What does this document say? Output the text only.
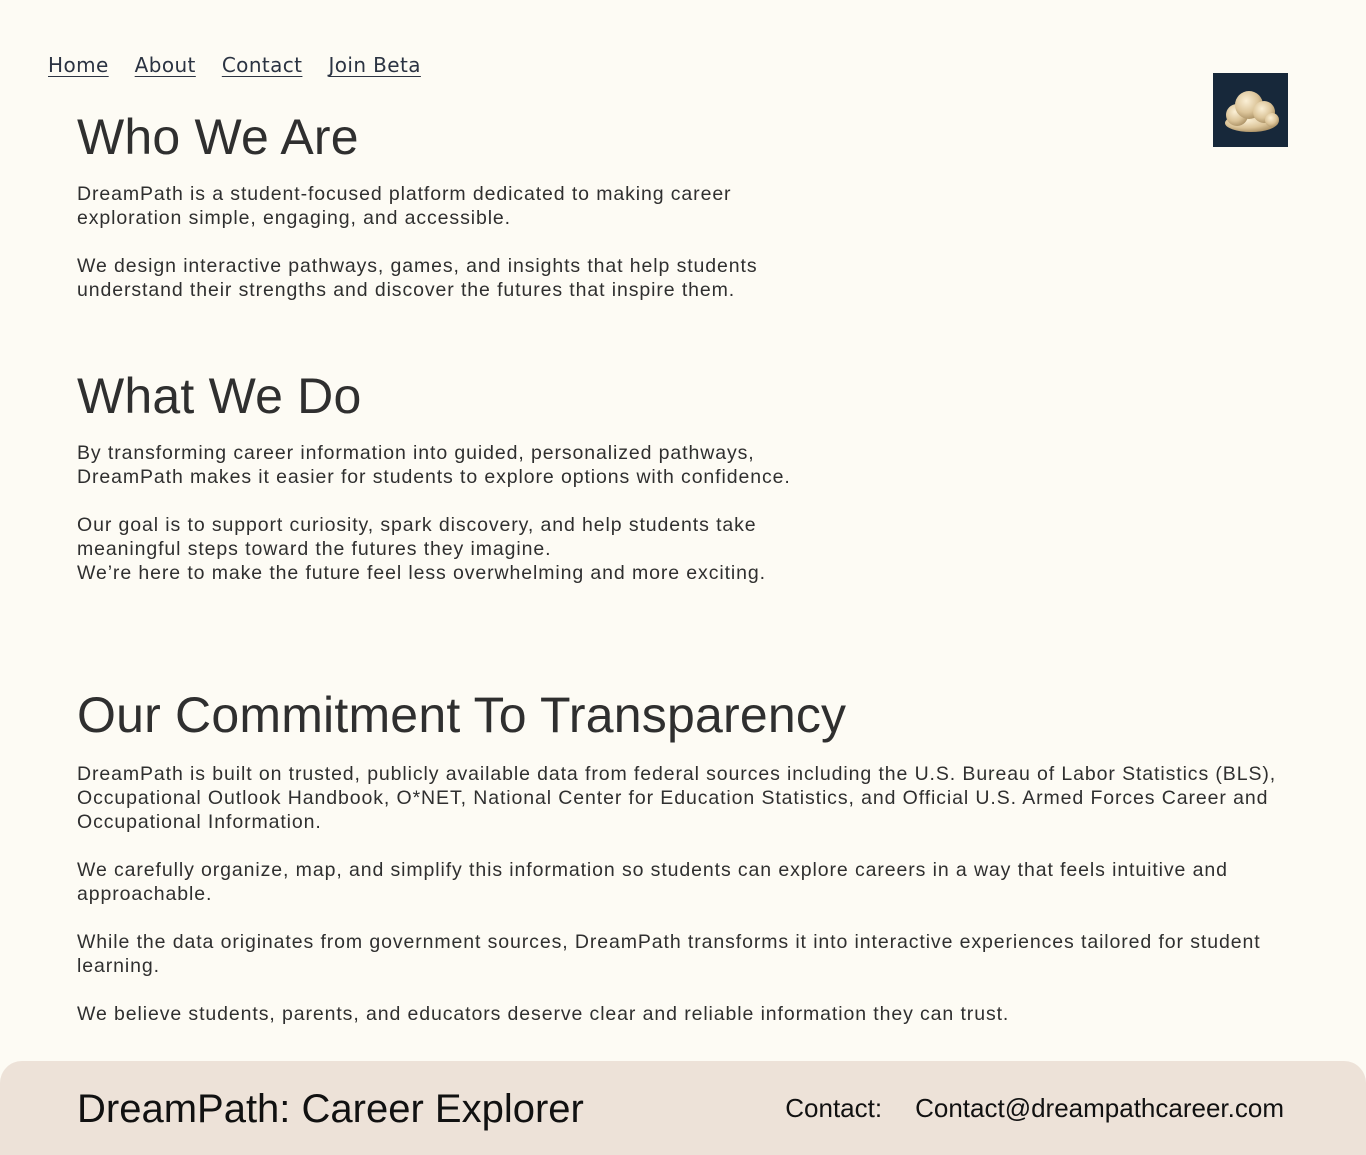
Home About Contact Join Beta
Who We Are

DreamPath is a student-focused platform dedicated to making career exploration simple, engaging, and accessible.

We design interactive pathways, games, and insights that help students understand their strengths and discover the futures that inspire them.

What We Do

By transforming career information into guided, personalized pathways, DreamPath makes it easier for students to explore options with confidence.

Our goal is to support curiosity, spark discovery, and help students take meaningful steps toward the futures they imagine.
We’re here to make the future feel less overwhelming and more exciting.

Our Commitment To Transparency

DreamPath is built on trusted, publicly available data from federal sources including the U.S. Bureau of Labor Statistics (BLS), Occupational Outlook Handbook, O*NET, National Center for Education Statistics, and Official U.S. Armed Forces Career and Occupational Information.

We carefully organize, map, and simplify this information so students can explore careers in a way that feels intuitive and approachable.

While the data originates from government sources, DreamPath transforms it into interactive experiences tailored for student learning.

We believe students, parents, and educators deserve clear and reliable information they can trust.

DreamPath: Career Explorer	Contact: Contact@dreampathcareer.com
